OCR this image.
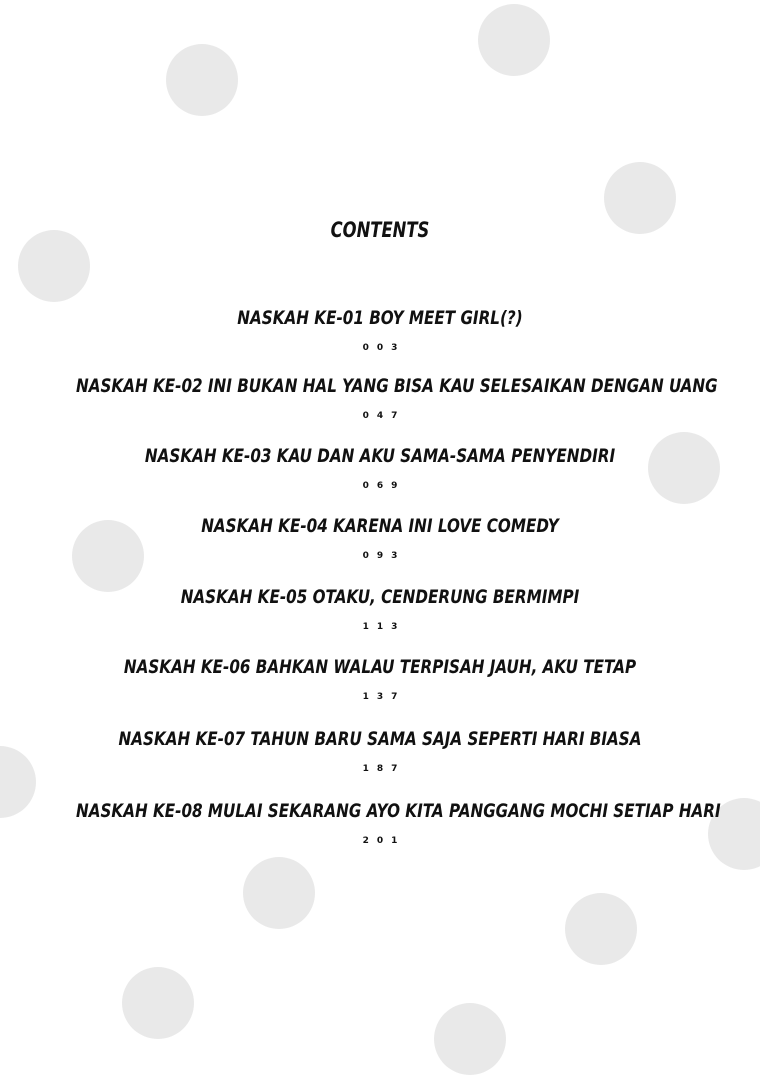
CONTENTS
NASKAH KE-01 BOY MEET GIRL(?)
003
NASKAH KE-02 INI BUKAN HAL YANG BISA KAU SELESAIKAN DENGAN UANG
047
NASKAH KE-03 KAU DAN AKU SAMA-SAMA PENYENDIRI
069
NASKAH KE-04 KARENA INI LOVE COMEDY
093
NASKAH KE-05 OTAKU, CENDERUNG BERMIMPI
113
NASKAH KE-06 BAHKAN WALAU TERPISAH JAUH, AKU TETAP
137
NASKAH KE-07 TAHUN BARU SAMA SAJA SEPERTI HARI BIASA
187
NASKAH KE-08 MULAI SEKARANG AYO KITA PANGGANG MOCHI SETIAP HARI
201
